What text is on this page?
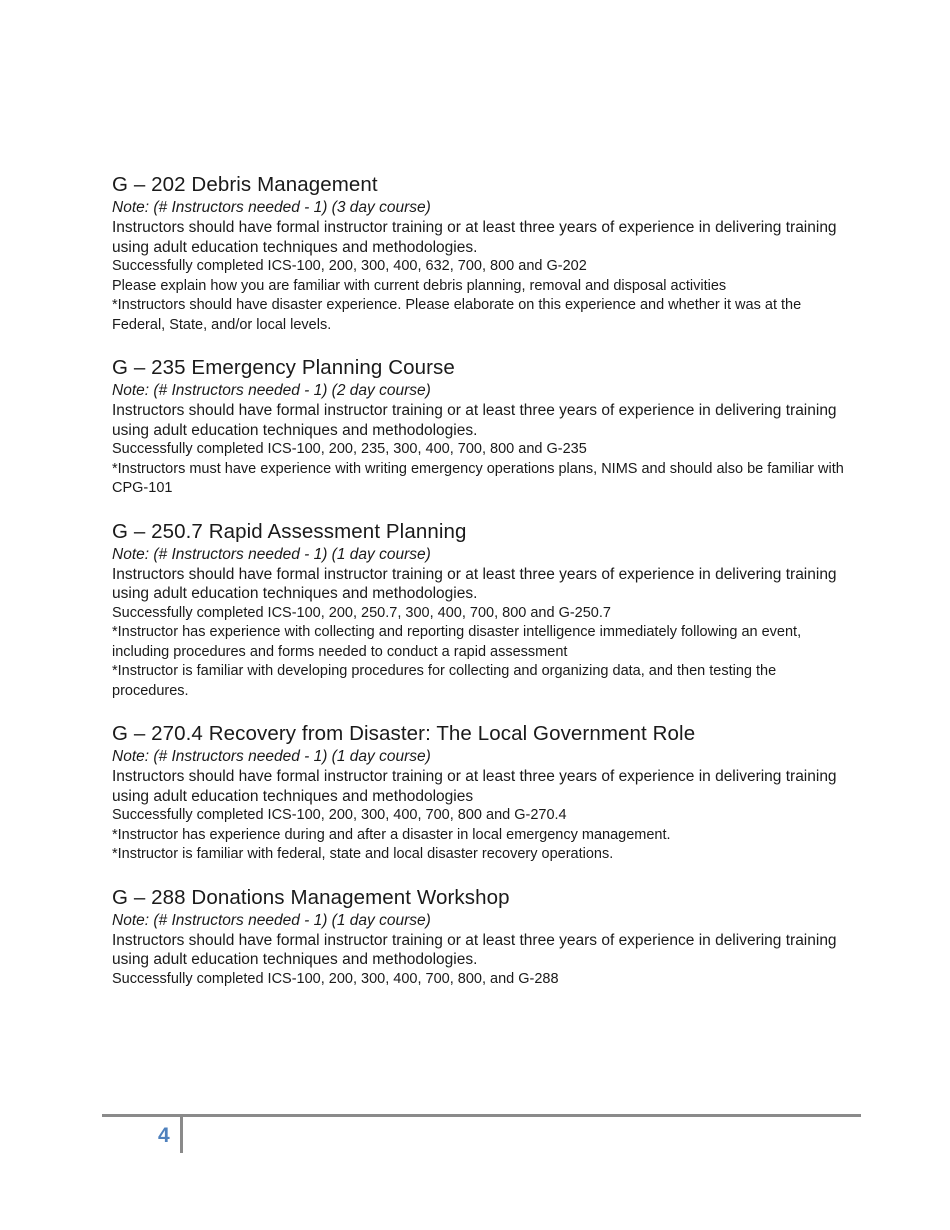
G – 202 Debris Management

Note: (# Instructors needed - 1) (3 day course)

Instructors should have formal instructor training or at least three years of experience in delivering training using adult education techniques and methodologies.

Successfully completed ICS-100, 200, 300, 400, 632, 700, 800 and G-202

Please explain how you are familiar with current debris planning, removal and disposal activities

*Instructors should have disaster experience. Please elaborate on this experience and whether it was at the Federal, State, and/or local levels.

G – 235 Emergency Planning Course

Note: (# Instructors needed - 1) (2 day course)

Instructors should have formal instructor training or at least three years of experience in delivering training using adult education techniques and methodologies.

Successfully completed ICS-100, 200, 235, 300, 400, 700, 800 and G-235

*Instructors must have experience with writing emergency operations plans, NIMS and should also be familiar with CPG-101

G – 250.7 Rapid Assessment Planning

Note: (# Instructors needed - 1) (1 day course)

Instructors should have formal instructor training or at least three years of experience in delivering training using adult education techniques and methodologies.

Successfully completed ICS-100, 200, 250.7, 300, 400, 700, 800 and G-250.7

*Instructor has experience with collecting and reporting disaster intelligence immediately following an event, including procedures and forms needed to conduct a rapid assessment

*Instructor is familiar with developing procedures for collecting and organizing data, and then testing the procedures.

G – 270.4 Recovery from Disaster: The Local Government Role

Note: (# Instructors needed - 1) (1 day course)

Instructors should have formal instructor training or at least three years of experience in delivering training using adult education techniques and methodologies

Successfully completed ICS-100, 200, 300, 400, 700, 800 and G-270.4

*Instructor has experience during and after a disaster in local emergency management.

*Instructor is familiar with federal, state and local disaster recovery operations.

G – 288 Donations Management Workshop

Note: (# Instructors needed - 1) (1 day course)

Instructors should have formal instructor training or at least three years of experience in delivering training using adult education techniques and methodologies.

Successfully completed ICS-100, 200, 300, 400, 700, 800, and G-288

4
